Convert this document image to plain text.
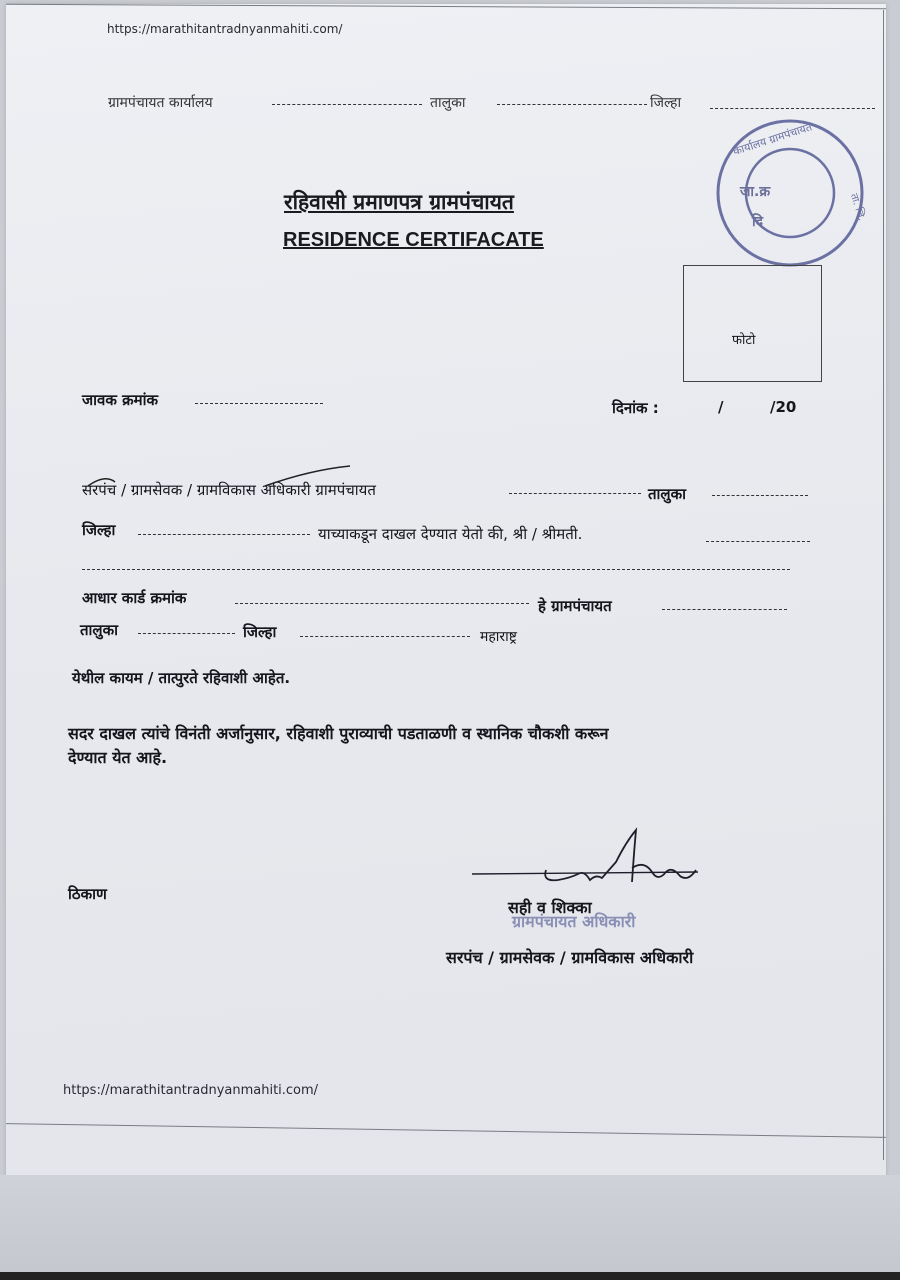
https://marathitantradnyanmahiti.com/
ग्रामपंचायत कार्यालय	तालुका	जिल्हा
कार्यालय ग्रामपंचायत
ता. जि.
जा.क्र
दि
रहिवासी प्रमाणपत्र ग्रामपंचायत
RESIDENCE CERTIFACATE
फोटो
जावक क्रमांक	दिनांक :	/	/20
सरपंच / ग्रामसेवक / ग्रामविकास अधिकारी ग्रामपंचायत	तालुका
जिल्हा	याच्याकडून दाखल देण्यात येतो की, श्री / श्रीमती.
आधार कार्ड क्रमांक	हे ग्रामपंचायत
तालुका	जिल्हा	महाराष्ट्र
येथील कायम / तात्पुरते रहिवाशी आहेत.
सदर दाखल त्यांचे विनंती अर्जानुसार, रहिवाशी पुराव्याची पडताळणी व स्थानिक चौकशी करून
देण्यात येत आहे.
ठिकाण
सही व शिक्का
ग्रामपंचायत अधिकारी
सरपंच / ग्रामसेवक / ग्रामविकास अधिकारी
https://marathitantradnyanmahiti.com/
